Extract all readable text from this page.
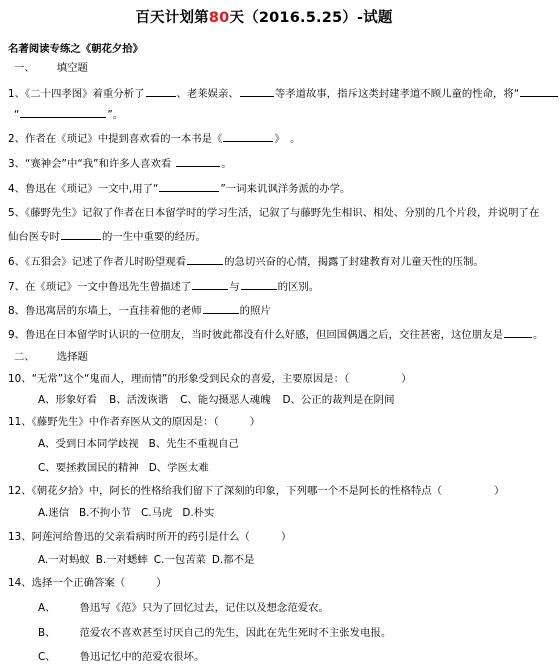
百天计划第80天（2016.5.25）-试题
名著阅读专练之《朝花夕拾》
一、 填空题
1、《二十四孝图》着重分析了	、老莱娱亲、	等孝道故事，指斥这类封建孝道不顾儿童的性命，将“
“	”。
2、作者在《琐记》中提到喜欢看的一本书是《	》　。
3、“赛神会”中“我”和许多人喜欢看	。
4、鲁迅在《琐记》一文中,用了“	”一词来讥讽洋务派的办学。
5、《藤野先生》记叙了作者在日本留学时的学习生活，记叙了与藤野先生相识、相处、分别的几个片段，并说明了在
仙台医专时	的一生中重要的经历。
6、《五猖会》记述了作者儿时盼望观看	的急切兴奋的心情，揭露了封建教育对儿童天性的压制。
7、在《琐记》一文中鲁迅先生曾描述了	与	的区别。
8、鲁迅寓居的东墙上，一直挂着他的老师	的照片
9、鲁迅在日本留学时认识的一位朋友，当时彼此都没有什么好感，但回国偶遇之后，交往甚密，这位朋友是	。
二、 选择题
10、“无常”这个“鬼而人，理而情”的形象受到民众的喜爱，主要原因是：（　　　　　）
A、形象好看 B、活泼诙谐 C、能勾摄恶人魂魄 D、公正的裁判是在阴间
11、《藤野先生》中作者弃医从文的原因是：（　　　）
A、受到日本同学歧视 B、先生不重视自己
C、要拯救国民的精神 D、学医太难
12、《朝花夕拾》中，阿长的性格给我们留下了深刻的印象，下列哪一个不是阿长的性格特点（　　　　　）
A.迷信 B.不拘小节 C.马虎 D.朴实
13、阿莲河给鲁迅的父亲看病时所开的药引是什么（　　　）
A.一对蚂蚁 B.一对蟋蟀 C.一包苦菜 D.都不是
14、选择一个正确答案（　　　）
A、 鲁迅写《范》只为了回忆过去，记住以及想念范爱农。
B、 范爱农不喜欢甚至讨厌自己的先生，因此在先生死时不主张发电报。
C、 鲁迅记忆中的范爱农很坏。
